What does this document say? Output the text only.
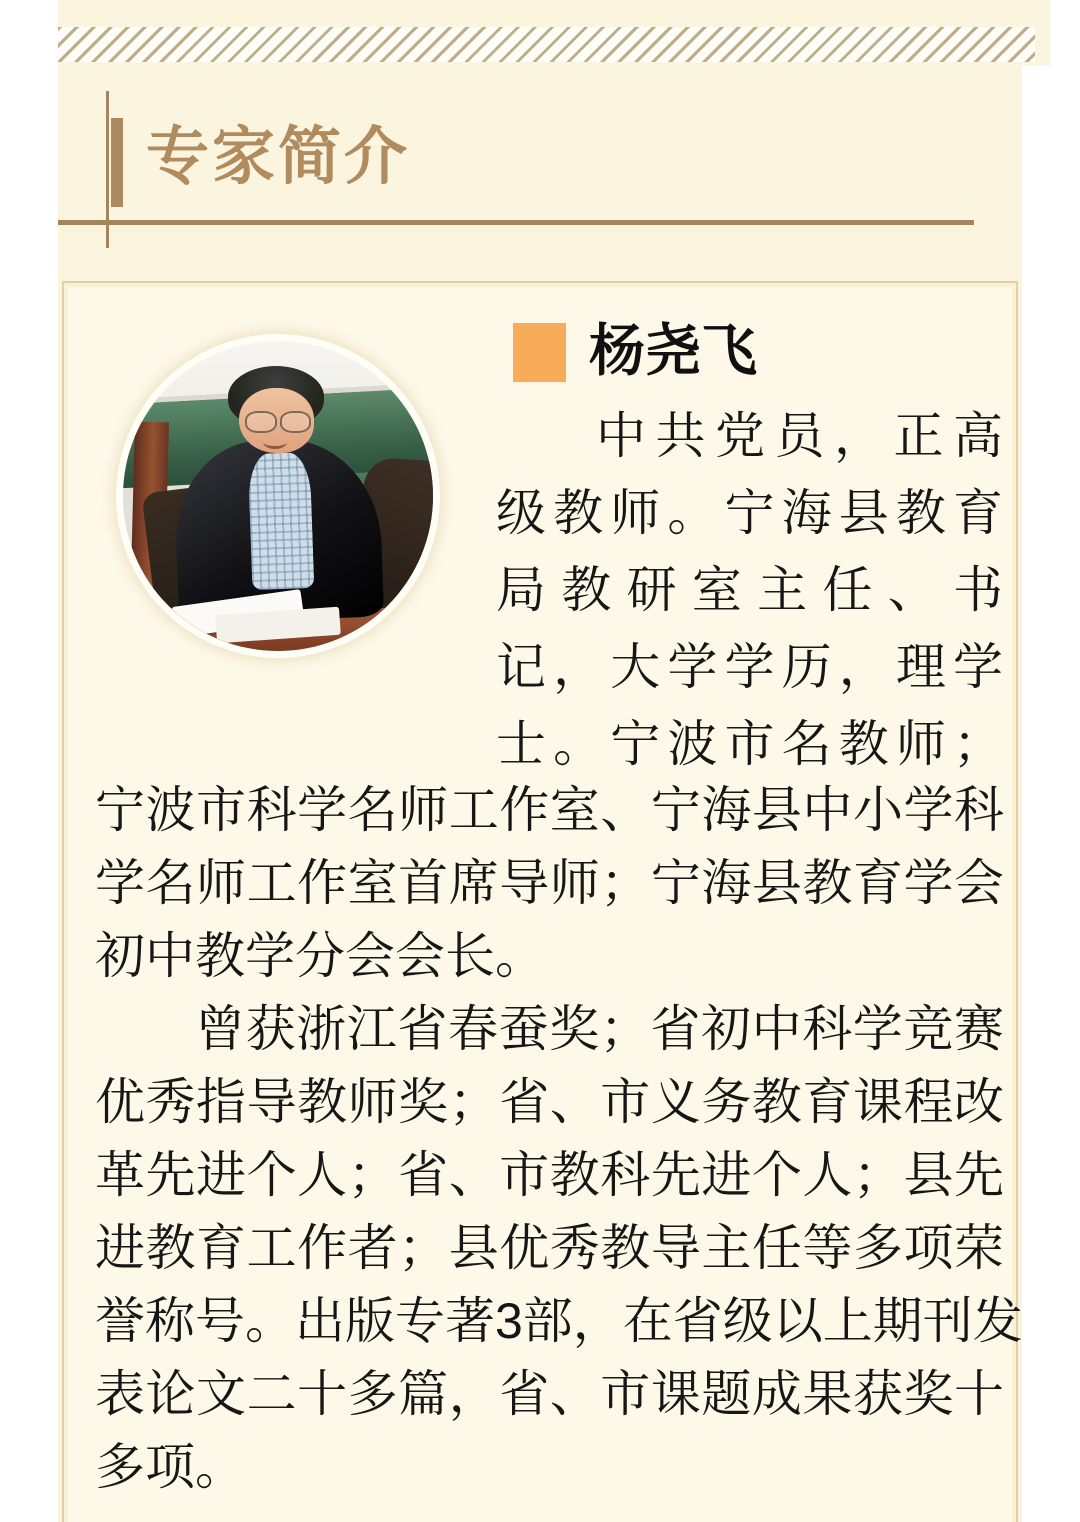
专家简介
杨尧飞
中共党员，正高
级教师。宁海县教育
局教研室主任、书
记，大学学历，理学
士。宁波市名教师；
宁波市科学名师工作室、宁海县中小学科
学名师工作室首席导师；宁海县教育学会
初中教学分会会长。
曾获浙江省春蚕奖；省初中科学竞赛
优秀指导教师奖；省、市义务教育课程改
革先进个人；省、市教科先进个人；县先
进教育工作者；县优秀教导主任等多项荣
誉称号。出版专著3部，在省级以上期刊发
表论文二十多篇，省、市课题成果获奖十
多项。
